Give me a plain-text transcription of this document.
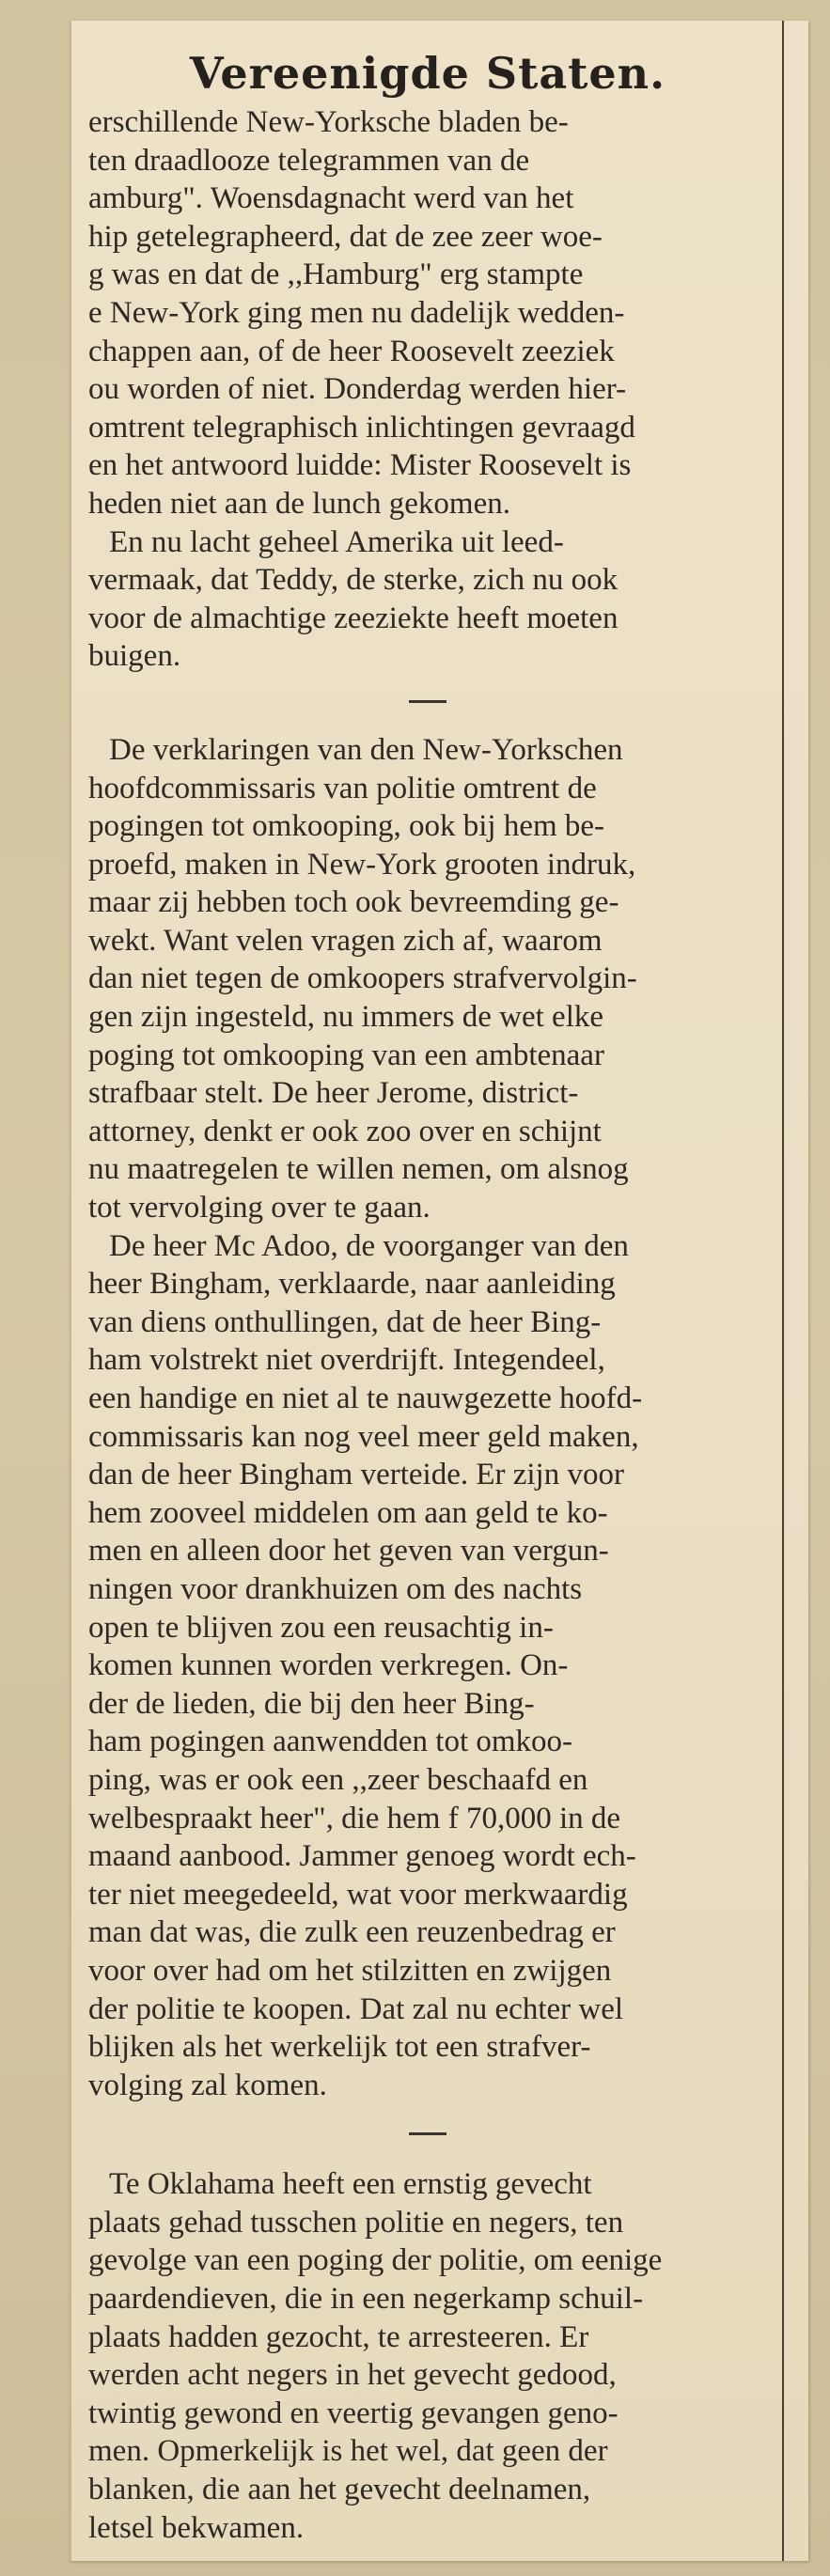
Vereenigde Staten.

erschillende New-Yorksche bladen be-
ten draadlooze telegrammen van de
amburg". Woensdagnacht werd van het
hip getelegrapheerd, dat de zee zeer woe-
g was en dat de ,,Hamburg" erg stampte
e New-York ging men nu dadelijk wedden-
chappen aan, of de heer Roosevelt zeeziek
ou worden of niet. Donderdag werden hier-
omtrent telegraphisch inlichtingen gevraagd
en het antwoord luidde: Mister Roosevelt is
heden niet aan de lunch gekomen.

En nu lacht geheel Amerika uit leed-
vermaak, dat Teddy, de sterke, zich nu ook
voor de almachtige zeeziekte heeft moeten
buigen.

De verklaringen van den New-Yorkschen
hoofdcommissaris van politie omtrent de
pogingen tot omkooping, ook bij hem be-
proefd, maken in New-York grooten indruk,
maar zij hebben toch ook bevreemding ge-
wekt. Want velen vragen zich af, waarom
dan niet tegen de omkoopers strafvervolgin-
gen zijn ingesteld, nu immers de wet elke
poging tot omkooping van een ambtenaar
strafbaar stelt. De heer Jerome, district-
attorney, denkt er ook zoo over en schijnt
nu maatregelen te willen nemen, om alsnog
tot vervolging over te gaan.

De heer Mc Adoo, de voorganger van den
heer Bingham, verklaarde, naar aanleiding
van diens onthullingen, dat de heer Bing-
ham volstrekt niet overdrijft. Integendeel,
een handige en niet al te nauwgezette hoofd-
commissaris kan nog veel meer geld maken,
dan de heer Bingham verteide. Er zijn voor
hem zooveel middelen om aan geld te ko-
men en alleen door het geven van vergun-
ningen voor drankhuizen om des nachts
open te blijven zou een reusachtig in-
komen kunnen worden verkregen. On-
der de lieden, die bij den heer Bing-
ham pogingen aanwendden tot omkoo-
ping, was er ook een ,,zeer beschaafd en
welbespraakt heer", die hem f 70,000 in de
maand aanbood. Jammer genoeg wordt ech-
ter niet meegedeeld, wat voor merkwaardig
man dat was, die zulk een reuzenbedrag er
voor over had om het stilzitten en zwijgen
der politie te koopen. Dat zal nu echter wel
blijken als het werkelijk tot een strafver-
volging zal komen.

Te Oklahama heeft een ernstig gevecht
plaats gehad tusschen politie en negers, ten
gevolge van een poging der politie, om eenige
paardendieven, die in een negerkamp schuil-
plaats hadden gezocht, te arresteeren. Er
werden acht negers in het gevecht gedood,
twintig gewond en veertig gevangen geno-
men. Opmerkelijk is het wel, dat geen der
blanken, die aan het gevecht deelnamen,
letsel bekwamen.
